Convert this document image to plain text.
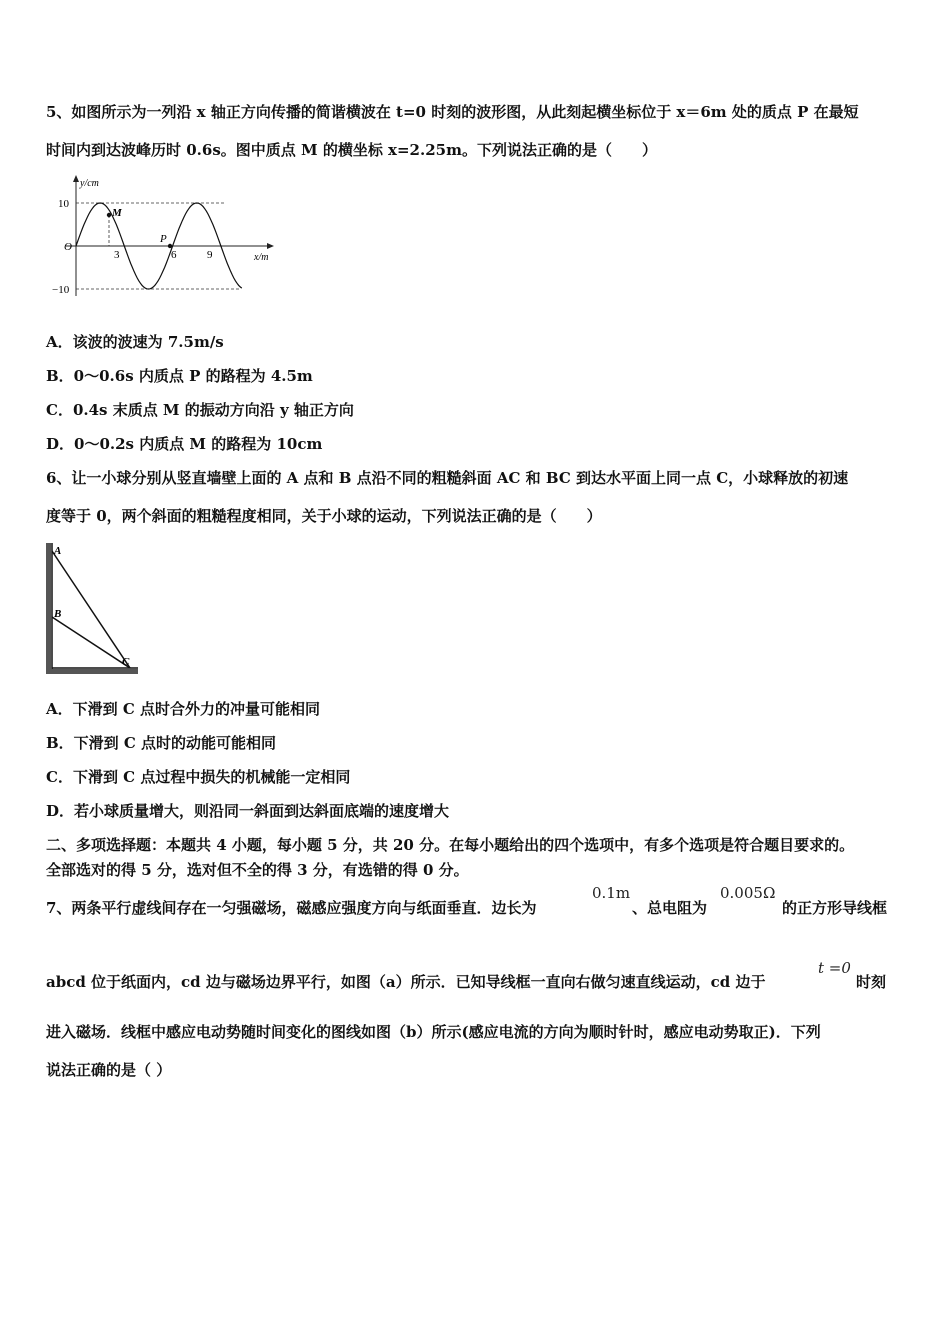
5、如图所示为一列沿 x 轴正方向传播的简谐横波在 t=0 时刻的波形图，从此刻起横坐标位于 x＝6m 处的质点 P 在最短
时间内到达波峰历时 0.6s。图中质点 M 的横坐标 x=2.25m。下列说法正确的是（　　）
y/cm
x/m
O
10
−10
3	6	9
M
P
A．该波的波速为 7.5m/s
B．0～0.6s 内质点 P 的路程为 4.5m
C．0.4s 末质点 M 的振动方向沿 y 轴正方向
D．0～0.2s 内质点 M 的路程为 10cm
6、让一小球分别从竖直墙壁上面的 A 点和 B 点沿不同的粗糙斜面 AC 和 BC 到达水平面上同一点 C，小球释放的初速
度等于 0，两个斜面的粗糙程度相同，关于小球的运动，下列说法正确的是（　　）
A
B
C
A．下滑到 C 点时合外力的冲量可能相同
B．下滑到 C 点时的动能可能相同
C．下滑到 C 点过程中损失的机械能一定相同
D．若小球质量增大，则沿同一斜面到达斜面底端的速度增大
二、多项选择题：本题共 4 小题，每小题 5 分，共 20 分。在每小题给出的四个选项中，有多个选项是符合题目要求的。
全部选对的得 5 分，选对但不全的得 3 分，有选错的得 0 分。
7、两条平行虚线间存在一匀强磁场，磁感应强度方向与纸面垂直．边长为
0.1m
、总电阻为
0.005Ω
的正方形导线框
abcd 位于纸面内，cd 边与磁场边界平行，如图（a）所示．已知导线框一直向右做匀速直线运动，cd 边于
t =0
时刻
进入磁场．线框中感应电动势随时间变化的图线如图（b）所示(感应电流的方向为顺时针时，感应电动势取正)．下列
说法正确的是（ ）
